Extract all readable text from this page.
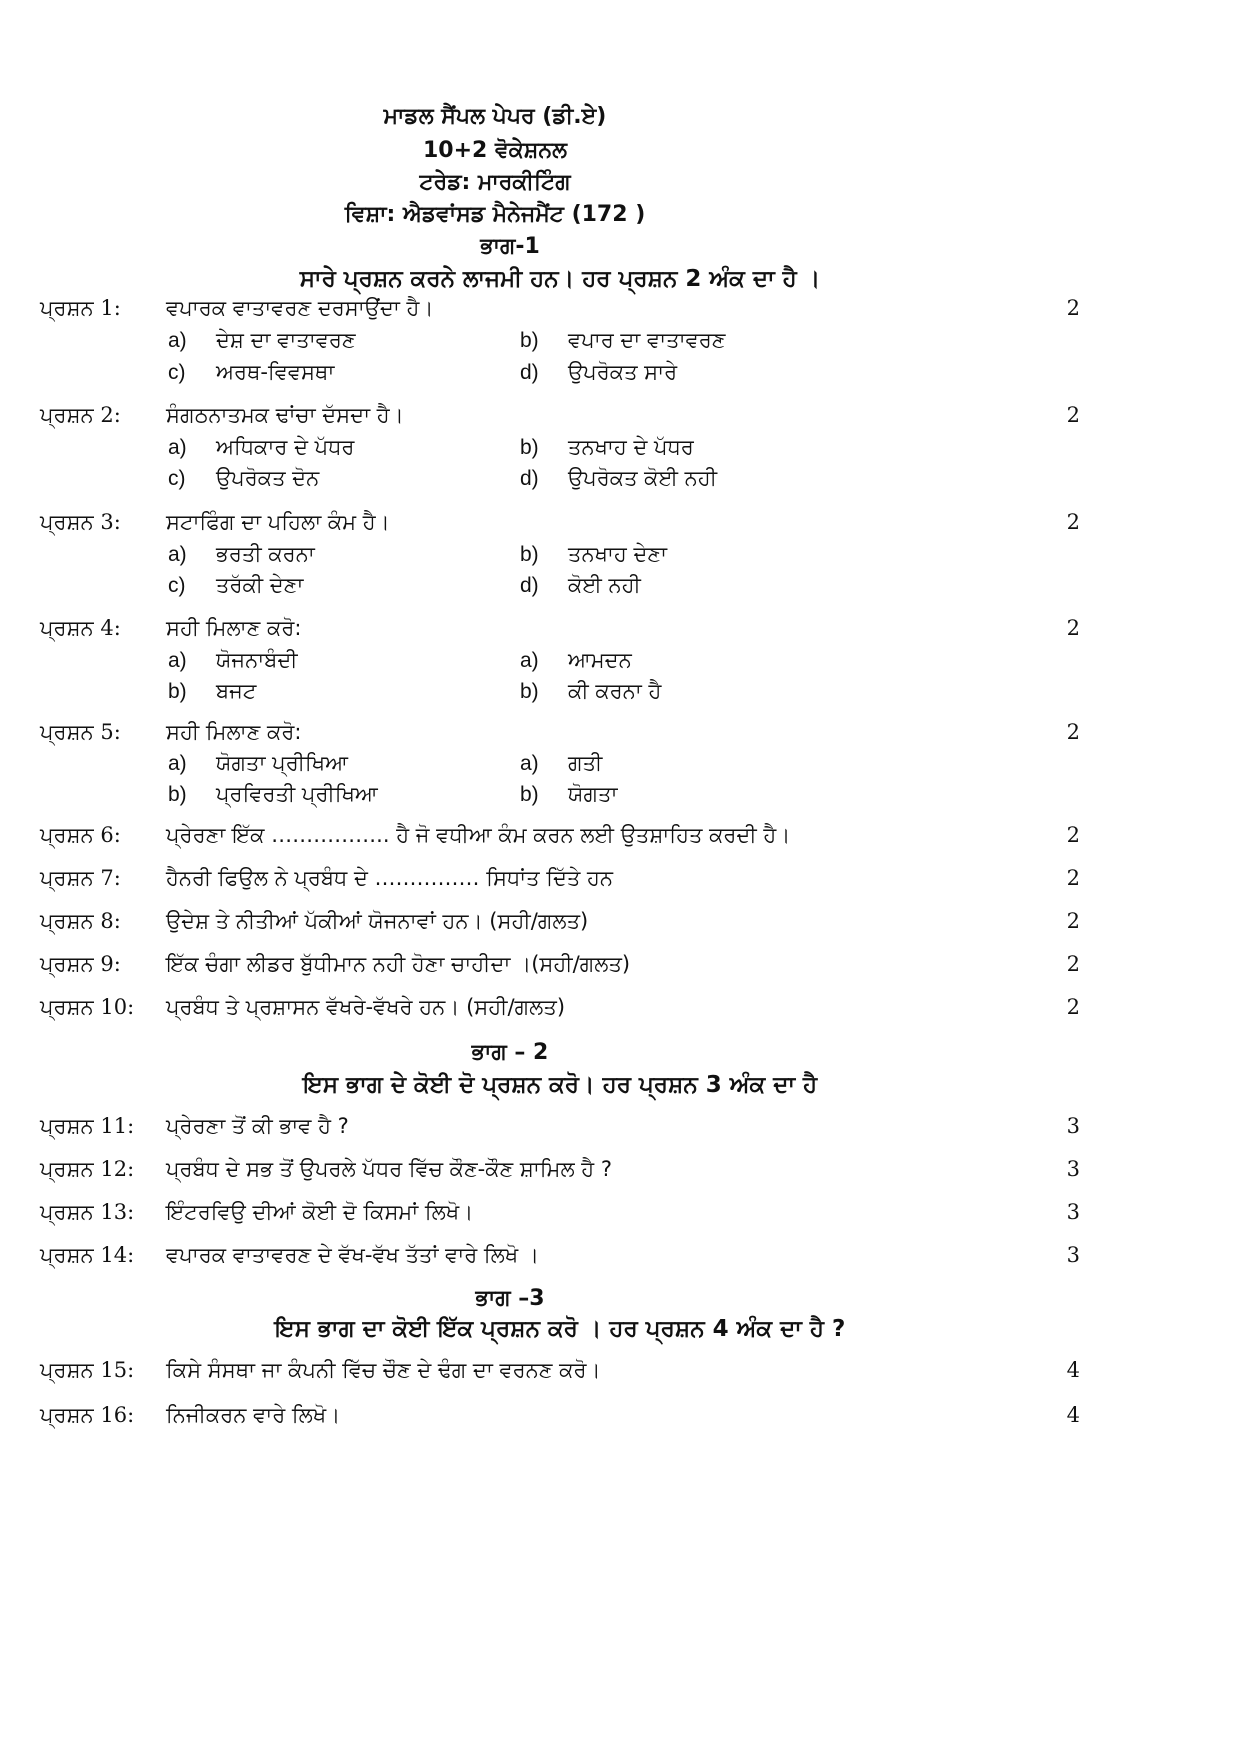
ਮਾਡਲ ਸੈਂਪਲ ਪੇਪਰ (ਡੀ.ਏ)
10+2 ਵੋਕੇਸ਼ਨਲ
ਟਰੇਡ: ਮਾਰਕੀਟਿੰਗ
ਵਿਸ਼ਾ: ਐਡਵਾਂਸਡ ਮੈਨੇਜਮੈਂਟ (172 )
ਭਾਗ-1
ਸਾਰੇ ਪ੍ਰਸ਼ਨ ਕਰਨੇ ਲਾਜਮੀ ਹਨ। ਹਰ ਪ੍ਰਸ਼ਨ 2 ਅੰਕ ਦਾ ਹੈ ।
ਪ੍ਰਸ਼ਨ 1: ਵਪਾਰਕ ਵਾਤਾਵਰਣ ਦਰਸਾਉਂਦਾ ਹੈ।	2
a) ਦੇਸ਼ ਦਾ ਵਾਤਾਵਰਣ	b) ਵਪਾਰ ਦਾ ਵਾਤਾਵਰਣ
c) ਅਰਥ-ਵਿਵਸਥਾ	d) ਉਪਰੋਕਤ ਸਾਰੇ
ਪ੍ਰਸ਼ਨ 2: ਸੰਗਠਨਾਤਮਕ ਢਾਂਚਾ ਦੱਸਦਾ ਹੈ।	2
a) ਅਧਿਕਾਰ ਦੇ ਪੱਧਰ	b) ਤਨਖਾਹ ਦੇ ਪੱਧਰ
c) ਉਪਰੋਕਤ ਦੋਨ	d) ਉਪਰੋਕਤ ਕੋਈ ਨਹੀ
ਪ੍ਰਸ਼ਨ 3: ਸਟਾਫਿੰਗ ਦਾ ਪਹਿਲਾ ਕੰਮ ਹੈ।	2
a) ਭਰਤੀ ਕਰਨਾ	b) ਤਨਖਾਹ ਦੇਣਾ
c) ਤਰੱਕੀ ਦੇਣਾ	d) ਕੋਈ ਨਹੀ
ਪ੍ਰਸ਼ਨ 4: ਸਹੀ ਮਿਲਾਣ ਕਰੋ:	2
a) ਯੋਜਨਾਬੰਦੀ	a) ਆਮਦਨ
b) ਬਜਟ	b) ਕੀ ਕਰਨਾ ਹੈ
ਪ੍ਰਸ਼ਨ 5: ਸਹੀ ਮਿਲਾਣ ਕਰੋ:	2
a) ਯੋਗਤਾ ਪ੍ਰੀਖਿਆ	a) ਗਤੀ
b) ਪ੍ਰਵਿਰਤੀ ਪ੍ਰੀਖਿਆ	b) ਯੋਗਤਾ
ਪ੍ਰਸ਼ਨ 6: ਪ੍ਰੇਰਣਾ ਇੱਕ …………….. ਹੈ ਜੋ ਵਧੀਆ ਕੰਮ ਕਰਨ ਲਈ ਉਤਸ਼ਾਹਿਤ ਕਰਦੀ ਹੈ।	2
ਪ੍ਰਸ਼ਨ 7: ਹੈਨਰੀ ਫਿਉਲ ਨੇ ਪ੍ਰਬੰਧ ਦੇ …………… ਸਿਧਾਂਤ ਦਿੱਤੇ ਹਨ	2
ਪ੍ਰਸ਼ਨ 8: ਉਦੇਸ਼ ਤੇ ਨੀਤੀਆਂ ਪੱਕੀਆਂ ਯੋਜਨਾਵਾਂ ਹਨ। (ਸਹੀ/ਗਲਤ)	2
ਪ੍ਰਸ਼ਨ 9: ਇੱਕ ਚੰਗਾ ਲੀਡਰ ਬੁੱਧੀਮਾਨ ਨਹੀ ਹੋਣਾ ਚਾਹੀਦਾ ।(ਸਹੀ/ਗਲਤ)	2
ਪ੍ਰਸ਼ਨ 10: ਪ੍ਰਬੰਧ ਤੇ ਪ੍ਰਸ਼ਾਸਨ ਵੱਖਰੇ-ਵੱਖਰੇ ਹਨ। (ਸਹੀ/ਗਲਤ)	2
ਭਾਗ – 2
ਇਸ ਭਾਗ ਦੇ ਕੋਈ ਦੋ ਪ੍ਰਸ਼ਨ ਕਰੋ। ਹਰ ਪ੍ਰਸ਼ਨ 3 ਅੰਕ ਦਾ ਹੈ
ਪ੍ਰਸ਼ਨ 11: ਪ੍ਰੇਰਣਾ ਤੋਂ ਕੀ ਭਾਵ ਹੈ ?	3
ਪ੍ਰਸ਼ਨ 12: ਪ੍ਰਬੰਧ ਦੇ ਸਭ ਤੋਂ ਉਪਰਲੇ ਪੱਧਰ ਵਿੱਚ ਕੌਣ-ਕੌਣ ਸ਼ਾਮਿਲ ਹੈ ?	3
ਪ੍ਰਸ਼ਨ 13: ਇੰਟਰਵਿਉ ਦੀਆਂ ਕੋਈ ਦੋ ਕਿਸਮਾਂ ਲਿਖੋ।	3
ਪ੍ਰਸ਼ਨ 14: ਵਪਾਰਕ ਵਾਤਾਵਰਣ ਦੇ ਵੱਖ-ਵੱਖ ਤੱਤਾਂ ਵਾਰੇ ਲਿਖੋ ।	3
ਭਾਗ –3
ਇਸ ਭਾਗ ਦਾ ਕੋਈ ਇੱਕ ਪ੍ਰਸ਼ਨ ਕਰੋ । ਹਰ ਪ੍ਰਸ਼ਨ 4 ਅੰਕ ਦਾ ਹੈ ?
ਪ੍ਰਸ਼ਨ 15: ਕਿਸੇ ਸੰਸਥਾ ਜਾ ਕੰਪਨੀ ਵਿੱਚ ਚੌਣ ਦੇ ਢੰਗ ਦਾ ਵਰਨਣ ਕਰੋ।	4
ਪ੍ਰਸ਼ਨ 16: ਨਿਜੀਕਰਨ ਵਾਰੇ ਲਿਖੋ।	4
